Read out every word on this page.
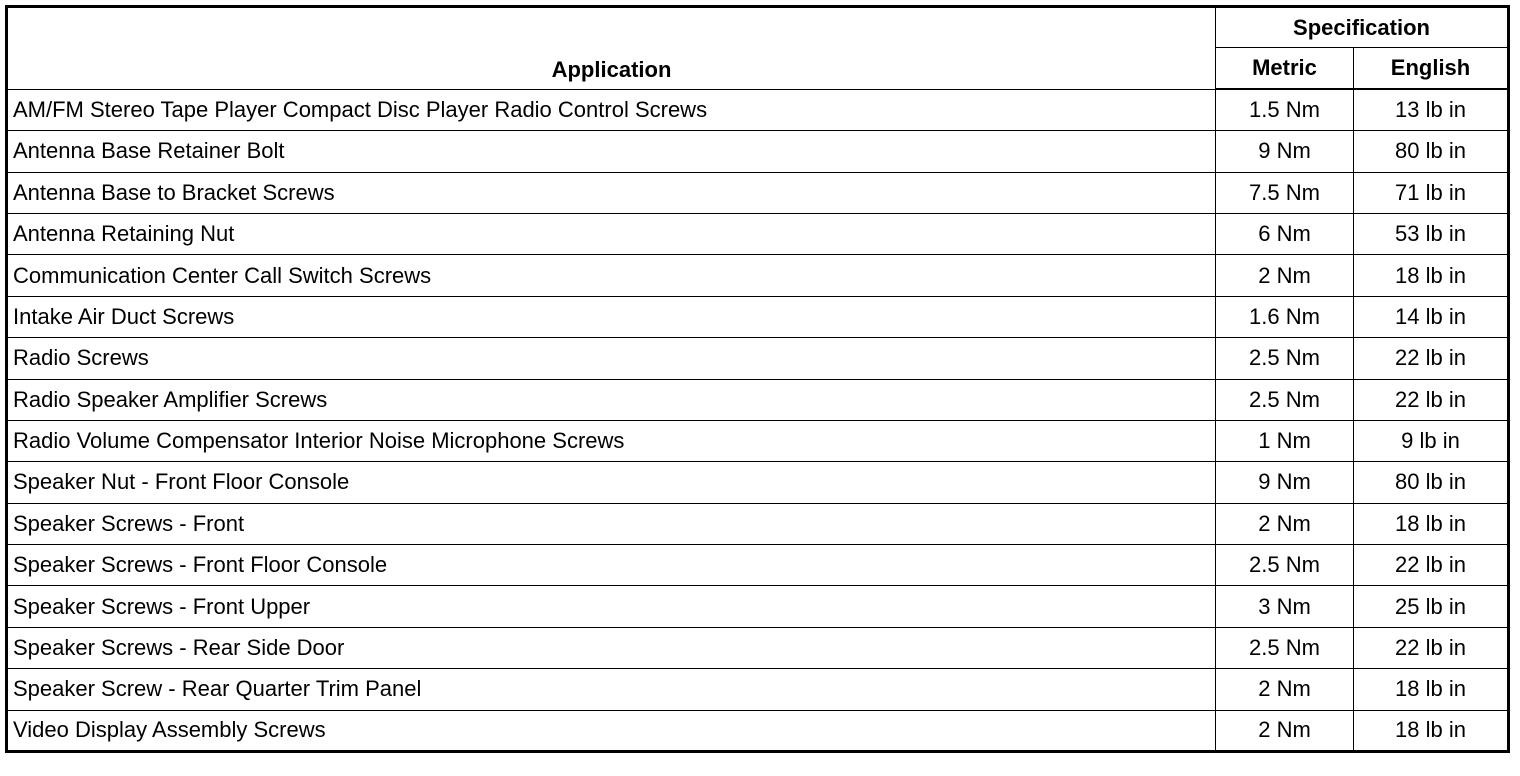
Application	Specification	
	Metric	English
AM/FM Stereo Tape Player Compact Disc Player Radio Control Screws	1.5 Nm	13 lb in
Antenna Base Retainer Bolt	9 Nm	80 lb in
Antenna Base to Bracket Screws	7.5 Nm	71 lb in
Antenna Retaining Nut	6 Nm	53 lb in
Communication Center Call Switch Screws	2 Nm	18 lb in
Intake Air Duct Screws	1.6 Nm	14 lb in
Radio Screws	2.5 Nm	22 lb in
Radio Speaker Amplifier Screws	2.5 Nm	22 lb in
Radio Volume Compensator Interior Noise Microphone Screws	1 Nm	9 lb in
Speaker Nut - Front Floor Console	9 Nm	80 lb in
Speaker Screws - Front	2 Nm	18 lb in
Speaker Screws - Front Floor Console	2.5 Nm	22 lb in
Speaker Screws - Front Upper	3 Nm	25 lb in
Speaker Screws - Rear Side Door	2.5 Nm	22 lb in
Speaker Screw - Rear Quarter Trim Panel	2 Nm	18 lb in
Video Display Assembly Screws	2 Nm	18 lb in
